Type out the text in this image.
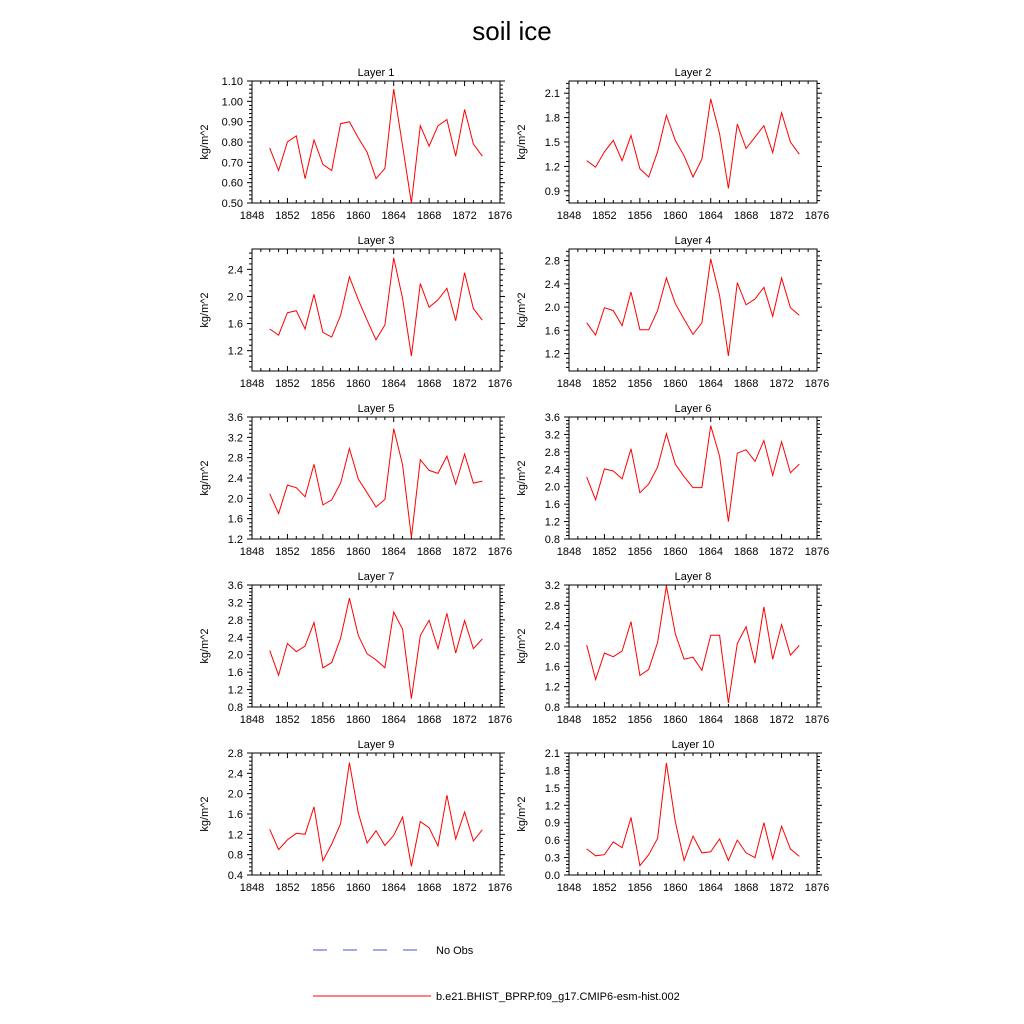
soil ice
Layer 1
kg/m^2
1848 1852 1856 1860 1864 1868 1872 1876
0.50
0.60
0.70
0.80
0.90
1.00
1.10
Layer 2
kg/m^2
1848 1852 1856 1860 1864 1868 1872 1876
0.9
1.2
1.5
1.8
2.1
Layer 3
kg/m^2
1848 1852 1856 1860 1864 1868 1872 1876
1.2
1.6
2.0
2.4
Layer 4
kg/m^2
1848 1852 1856 1860 1864 1868 1872 1876
1.2
1.6
2.0
2.4
2.8
Layer 5
kg/m^2
1848 1852 1856 1860 1864 1868 1872 1876
1.2
1.6
2.0
2.4
2.8
3.2
3.6
Layer 6
kg/m^2
1848 1852 1856 1860 1864 1868 1872 1876
0.8
1.2
1.6
2.0
2.4
2.8
3.2
3.6
Layer 7
kg/m^2
1848 1852 1856 1860 1864 1868 1872 1876
0.8
1.2
1.6
2.0
2.4
2.8
3.2
3.6
Layer 8
kg/m^2
1848 1852 1856 1860 1864 1868 1872 1876
0.8
1.2
1.6
2.0
2.4
2.8
3.2
Layer 9
kg/m^2
1848 1852 1856 1860 1864 1868 1872 1876
0.4
0.8
1.2
1.6
2.0
2.4
2.8
Layer 10
kg/m^2
1848 1852 1856 1860 1864 1868 1872 1876
0.0
0.3
0.6
0.9
1.2
1.5
1.8
2.1
No Obs
b.e21.BHIST_BPRP.f09_g17.CMIP6-esm-hist.002
